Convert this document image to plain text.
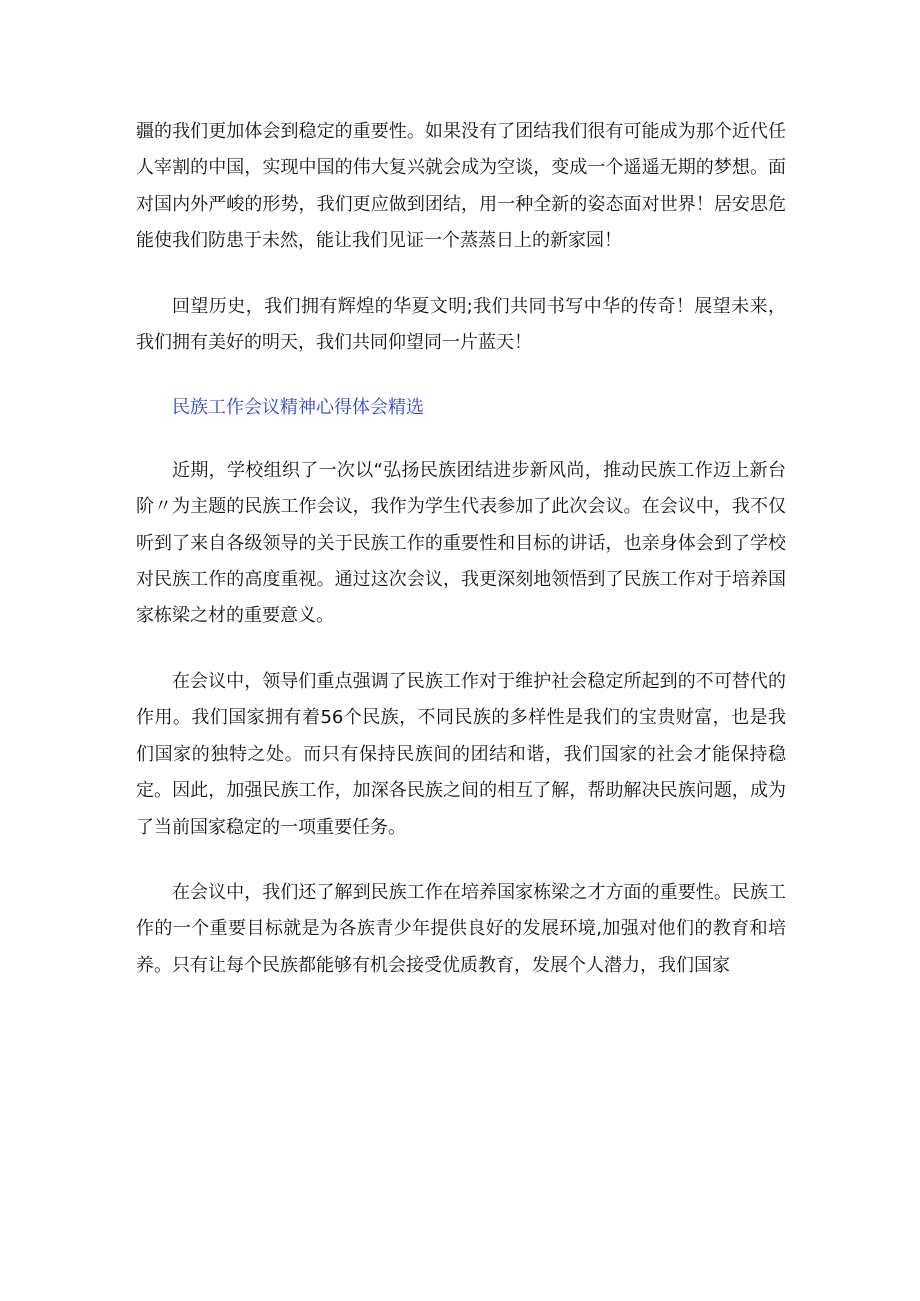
疆的我们更加体会到稳定的重要性。如果没有了团结我们很有可能成为那个近代任人宰割的中国，实现中国的伟大复兴就会成为空谈，变成一个遥遥无期的梦想。面对国内外严峻的形势，我们更应做到团结，用一种全新的姿态面对世界！居安思危能使我们防患于未然，能让我们见证一个蒸蒸日上的新家园！

回望历史，我们拥有辉煌的华夏文明;我们共同书写中华的传奇！展望未来，我们拥有美好的明天，我们共同仰望同一片蓝天！

民族工作会议精神心得体会精选

近期，学校组织了一次以“弘扬民族团结进步新风尚，推动民族工作迈上新台阶〃为主题的民族工作会议，我作为学生代表参加了此次会议。在会议中，我不仅听到了来自各级领导的关于民族工作的重要性和目标的讲话，也亲身体会到了学校对民族工作的高度重视。通过这次会议，我更深刻地领悟到了民族工作对于培养国家栋梁之材的重要意义。

在会议中，领导们重点强调了民族工作对于维护社会稳定所起到的不可替代的作用。我们国家拥有着56个民族，不同民族的多样性是我们的宝贵财富，也是我们国家的独特之处。而只有保持民族间的团结和谐，我们国家的社会才能保持稳定。因此，加强民族工作，加深各民族之间的相互了解，帮助解决民族问题，成为了当前国家稳定的一项重要任务。

在会议中，我们还了解到民族工作在培养国家栋梁之才方面的重要性。民族工作的一个重要目标就是为各族青少年提供良好的发展环境,加强对他们的教育和培养。只有让每个民族都能够有机会接受优质教育，发展个人潜力，我们国家
